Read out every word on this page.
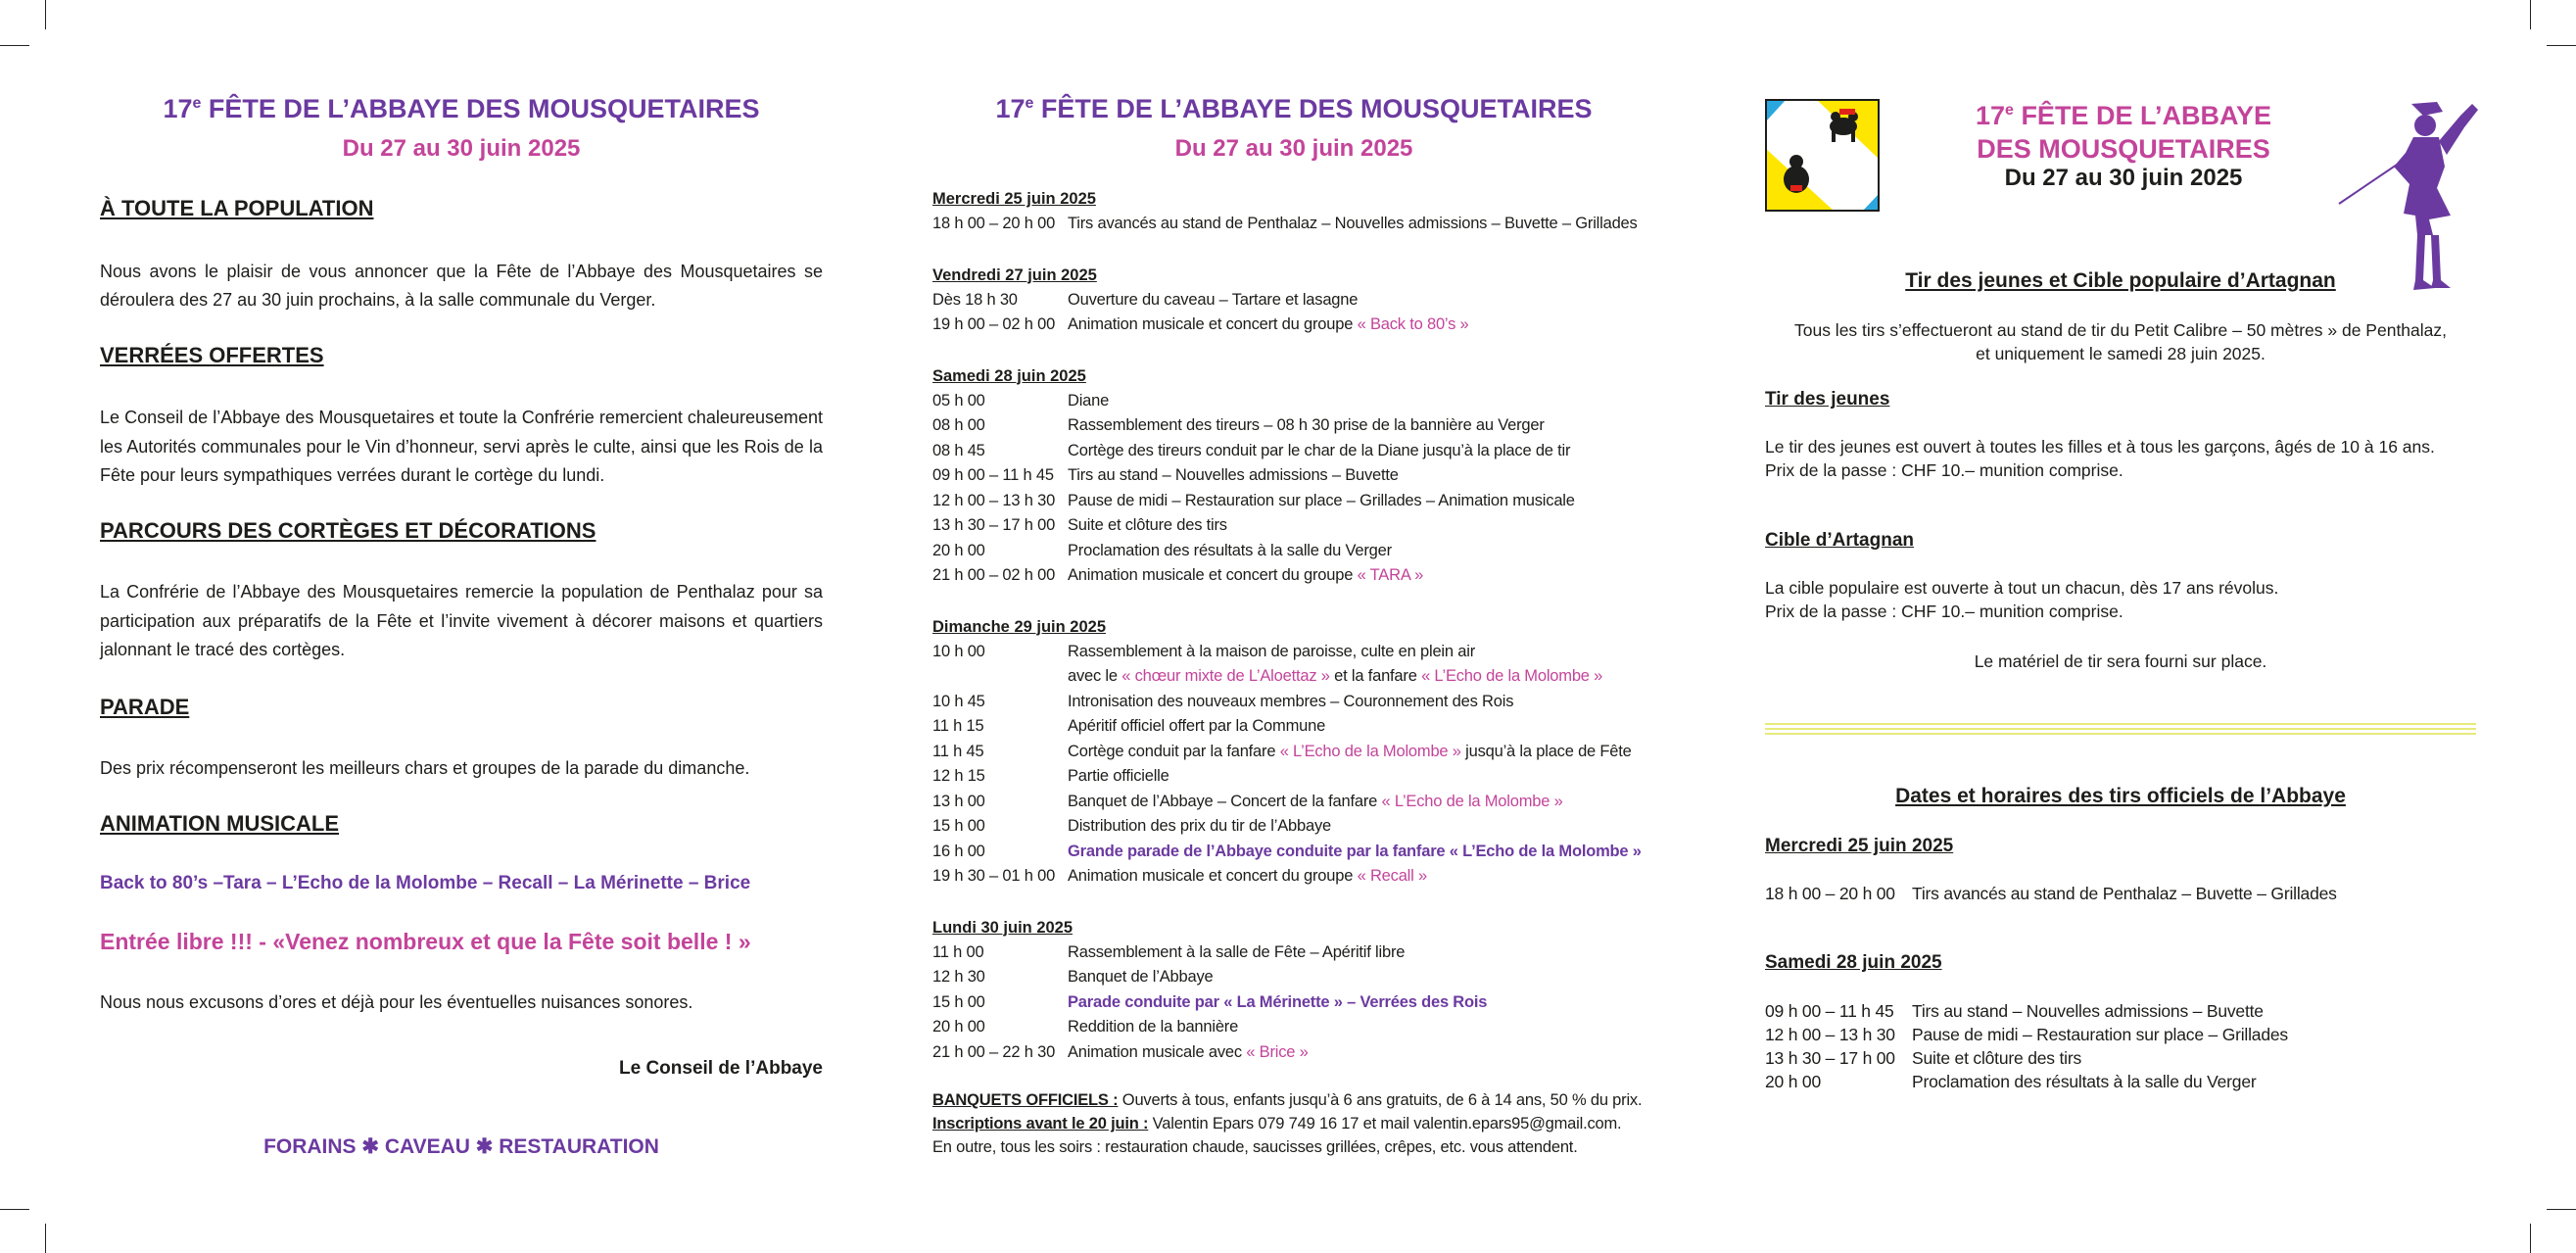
17e FÊTE DE L’ABBAYE DES MOUSQUETAIRES
Du 27 au 30 juin 2025
À TOUTE LA POPULATION
Nous avons le plaisir de vous annoncer que la Fête de l’Abbaye des Mousquetaires se déroulera des 27 au 30 juin prochains, à la salle communale du Verger.
VERRÉES OFFERTES
Le Conseil de l’Abbaye des Mousquetaires et toute la Confrérie remercient chaleureusement les Autorités communales pour le Vin d’honneur, servi après le culte, ainsi que les Rois de la Fête pour leurs sympathiques verrées durant le cortège du lundi.
PARCOURS DES CORTÈGES ET DÉCORATIONS
La Confrérie de l’Abbaye des Mousquetaires remercie la population de Penthalaz pour sa participation aux préparatifs de la Fête et l’invite vivement à décorer maisons et quartiers jalonnant le tracé des cortèges.
PARADE
Des prix récompenseront les meilleurs chars et groupes de la parade du dimanche.
ANIMATION MUSICALE
Back to 80’s –Tara – L’Echo de la Molombe – Recall – La Mérinette – Brice
Entrée libre !!! - «Venez nombreux et que la Fête soit belle ! »
Nous nous excusons d’ores et déjà pour les éventuelles nuisances sonores.
Le Conseil de l’Abbaye
FORAINS ✱ CAVEAU ✱ RESTAURATION
17e FÊTE DE L’ABBAYE DES MOUSQUETAIRES
Du 27 au 30 juin 2025
Mercredi 25 juin 2025
18 h 00 – 20 h 00 Tirs avancés au stand de Penthalaz – Nouvelles admissions – Buvette – Grillades
Vendredi 27 juin 2025
Dès 18 h 30	Ouverture du caveau – Tartare et lasagne
19 h 00 – 02 h 00 Animation musicale et concert du groupe « Back to 80’s »
Samedi 28 juin 2025
05 h 00	Diane
08 h 00	Rassemblement des tireurs – 08 h 30 prise de la bannière au Verger
08 h 45	Cortège des tireurs conduit par le char de la Diane jusqu’à la place de tir
09 h 00 – 11 h 45 Tirs au stand – Nouvelles admissions – Buvette
12 h 00 – 13 h 30 Pause de midi – Restauration sur place – Grillades – Animation musicale
13 h 30 – 17 h 00 Suite et clôture des tirs
20 h 00	Proclamation des résultats à la salle du Verger
21 h 00 – 02 h 00 Animation musicale et concert du groupe « TARA »
Dimanche 29 juin 2025
10 h 00	Rassemblement à la maison de paroisse, culte en plein air
avec le « chœur mixte de L’Aloettaz » et la fanfare « L’Echo de la Molombe »
10 h 45	Intronisation des nouveaux membres – Couronnement des Rois
11 h 15	Apéritif officiel offert par la Commune
11 h 45	Cortège conduit par la fanfare « L’Echo de la Molombe » jusqu’à la place de Fête
12 h 15	Partie officielle
13 h 00	Banquet de l’Abbaye – Concert de la fanfare « L’Echo de la Molombe »
15 h 00	Distribution des prix du tir de l’Abbaye
16 h 00	Grande parade de l’Abbaye conduite par la fanfare « L’Echo de la Molombe »
19 h 30 – 01 h 00 Animation musicale et concert du groupe « Recall »
Lundi 30 juin 2025
11 h 00	Rassemblement à la salle de Fête – Apéritif libre
12 h 30	Banquet de l’Abbaye
15 h 00	Parade conduite par « La Mérinette » – Verrées des Rois
20 h 00	Reddition de la bannière
21 h 00 – 22 h 30 Animation musicale avec « Brice »
BANQUETS OFFICIELS : Ouverts à tous, enfants jusqu’à 6 ans gratuits, de 6 à 14 ans, 50 % du prix.
Inscriptions avant le 20 juin : Valentin Epars 079 749 16 17 et mail valentin.epars95@gmail.com.
En outre, tous les soirs : restauration chaude, saucisses grillées, crêpes, etc. vous attendent.
17e FÊTE DE L’ABBAYE
DES MOUSQUETAIRES
Du 27 au 30 juin 2025
Tir des jeunes et Cible populaire d’Artagnan
Tous les tirs s’effectueront au stand de tir du Petit Calibre – 50 mètres » de Penthalaz,
et uniquement le samedi 28 juin 2025.
Tir des jeunes
Le tir des jeunes est ouvert à toutes les filles et à tous les garçons, âgés de 10 à 16 ans.
Prix de la passe : CHF 10.– munition comprise.
Cible d’Artagnan
La cible populaire est ouverte à tout un chacun, dès 17 ans révolus.
Prix de la passe : CHF 10.– munition comprise.
Le matériel de tir sera fourni sur place.
Dates et horaires des tirs officiels de l’Abbaye
Mercredi 25 juin 2025
18 h 00 – 20 h 00 Tirs avancés au stand de Penthalaz – Buvette – Grillades
Samedi 28 juin 2025
09 h 00 – 11 h 45	Tirs au stand – Nouvelles admissions – Buvette
12 h 00 – 13 h 30 Pause de midi – Restauration sur place – Grillades
13 h 30 – 17 h 00 Suite et clôture des tirs
20 h 00	Proclamation des résultats à la salle du Verger
